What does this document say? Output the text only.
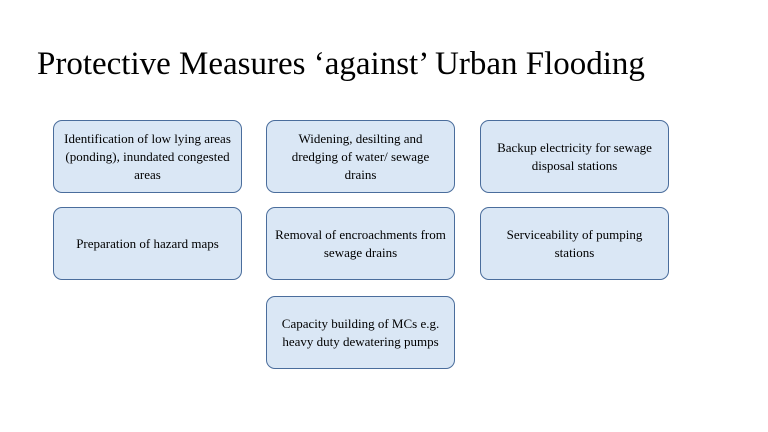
Protective Measures ‘against’ Urban Flooding
Identification of low lying areas (ponding), inundated congested areas
Widening, desilting and dredging of water/ sewage drains
Backup electricity for sewage disposal stations
Preparation of hazard maps
Removal of encroachments from sewage drains
Serviceability of pumping stations
Capacity building of MCs e.g. heavy duty dewatering pumps
